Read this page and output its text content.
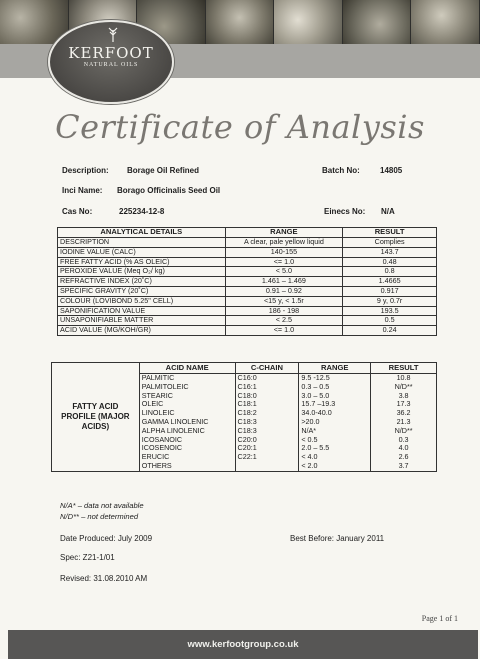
KERFOOT
NATURAL OILS
Certificate of Analysis
Description: Borage Oil Refined	Batch No:	14805
Inci Name: Borago Officinalis Seed Oil
Cas No:	225234-12-8	Einecs No: N/A
ANALYTICAL DETAILS	RANGE	RESULT
DESCRIPTION	A clear, pale yellow liquid	Complies
IODINE VALUE (CALC)	140-155	143.7
FREE FATTY ACID (% AS OLEIC)	<= 1.0	0.48
PEROXIDE VALUE (Meq O₂/ kg)	< 5.0	0.8
REFRACTIVE INDEX (20˚C)	1.461 – 1.469	1.4665
SPECIFIC GRAVITY (20˚C)	0.91 – 0.92	0.917
COLOUR (LOVIBOND 5.25" CELL)	<15 y, < 1.5r	9 y, 0.7r
SAPONIFICATION VALUE	186 - 198	193.5
UNSAPONIFIABLE MATTER	< 2.5	0.5
ACID VALUE (MG/KOH/GR)	<= 1.0	0.24
FATTY ACID PROFILE (MAJOR ACIDS)	ACID NAME	C-CHAIN	RANGE	RESULT
	PALMITIC	C16:0	9.5 -12.5	10.8
	PALMITOLEIC	C16:1	0.3 – 0.5	N/D**
	STEARIC	C18:0	3.0 – 5.0	3.8
	OLEIC	C18:1	15.7 –19.3	17.3
	LINOLEIC	C18:2	34.0-40.0	36.2
	GAMMA LINOLENIC	C18:3	>20.0	21.3
	ALPHA LINOLENIC	C18:3	N/A*	N/D**
	ICOSANOIC	C20:0	< 0.5	0.3
	ICOSENOIC	C20:1	2.0 – 5.5	4.0
	ERUCIC	C22:1	< 4.0	2.6
	OTHERS		< 2.0	3.7
N/A* – data not available
N/D** – not determined
Date Produced: July 2009	Best Before: January 2011
Spec: Z21-1/01
Revised: 31.08.2010 AM
Page 1 of 1
www.kerfootgroup.co.uk
